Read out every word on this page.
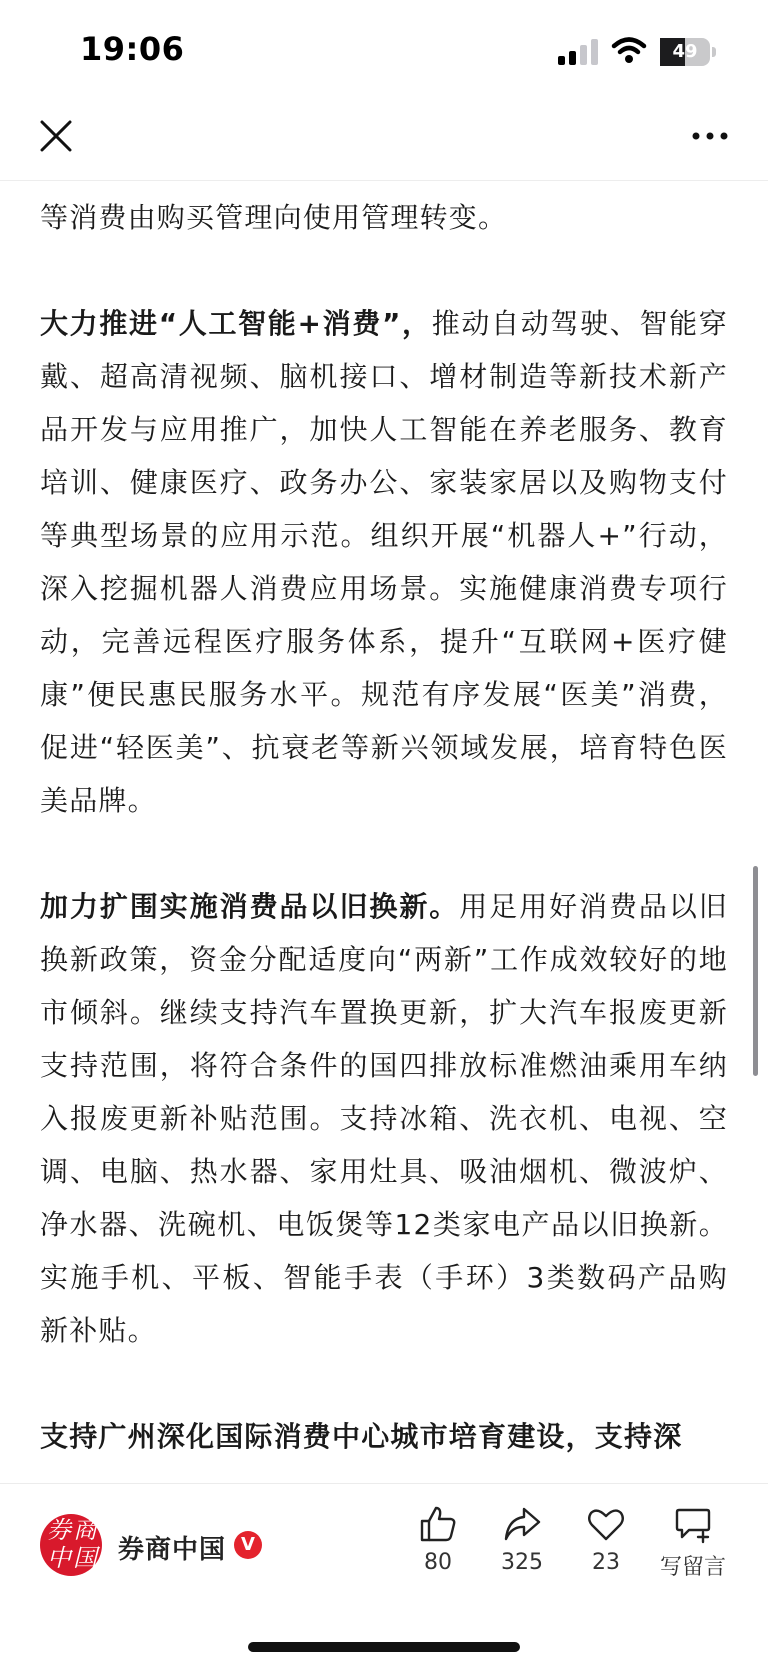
19:06	49

等消费由购买管理向使用管理转变。

大力推进“人工智能+消费”，推动自动驾驶、智能穿戴、超高清视频、脑机接口、增材制造等新技术新产品开发与应用推广，加快人工智能在养老服务、教育培训、健康医疗、政务办公、家装家居以及购物支付等典型场景的应用示范。组织开展“机器人+”行动，深入挖掘机器人消费应用场景。实施健康消费专项行动，完善远程医疗服务体系，提升“互联网+医疗健康”便民惠民服务水平。规范有序发展“医美”消费，促进“轻医美”、抗衰老等新兴领域发展，培育特色医美品牌。

加力扩围实施消费品以旧换新。用足用好消费品以旧换新政策，资金分配适度向“两新”工作成效较好的地市倾斜。继续支持汽车置换更新，扩大汽车报废更新支持范围，将符合条件的国四排放标准燃油乘用车纳入报废更新补贴范围。支持冰箱、洗衣机、电视、空调、电脑、热水器、家用灶具、吸油烟机、微波炉、净水器、洗碗机、电饭煲等12类家电产品以旧换新。实施手机、平板、智能手表（手环）3类数码产品购新补贴。

支持广州深化国际消费中心城市培育建设，支持深

券 商
中 国 券商中国 V
80	325	23	写留言
